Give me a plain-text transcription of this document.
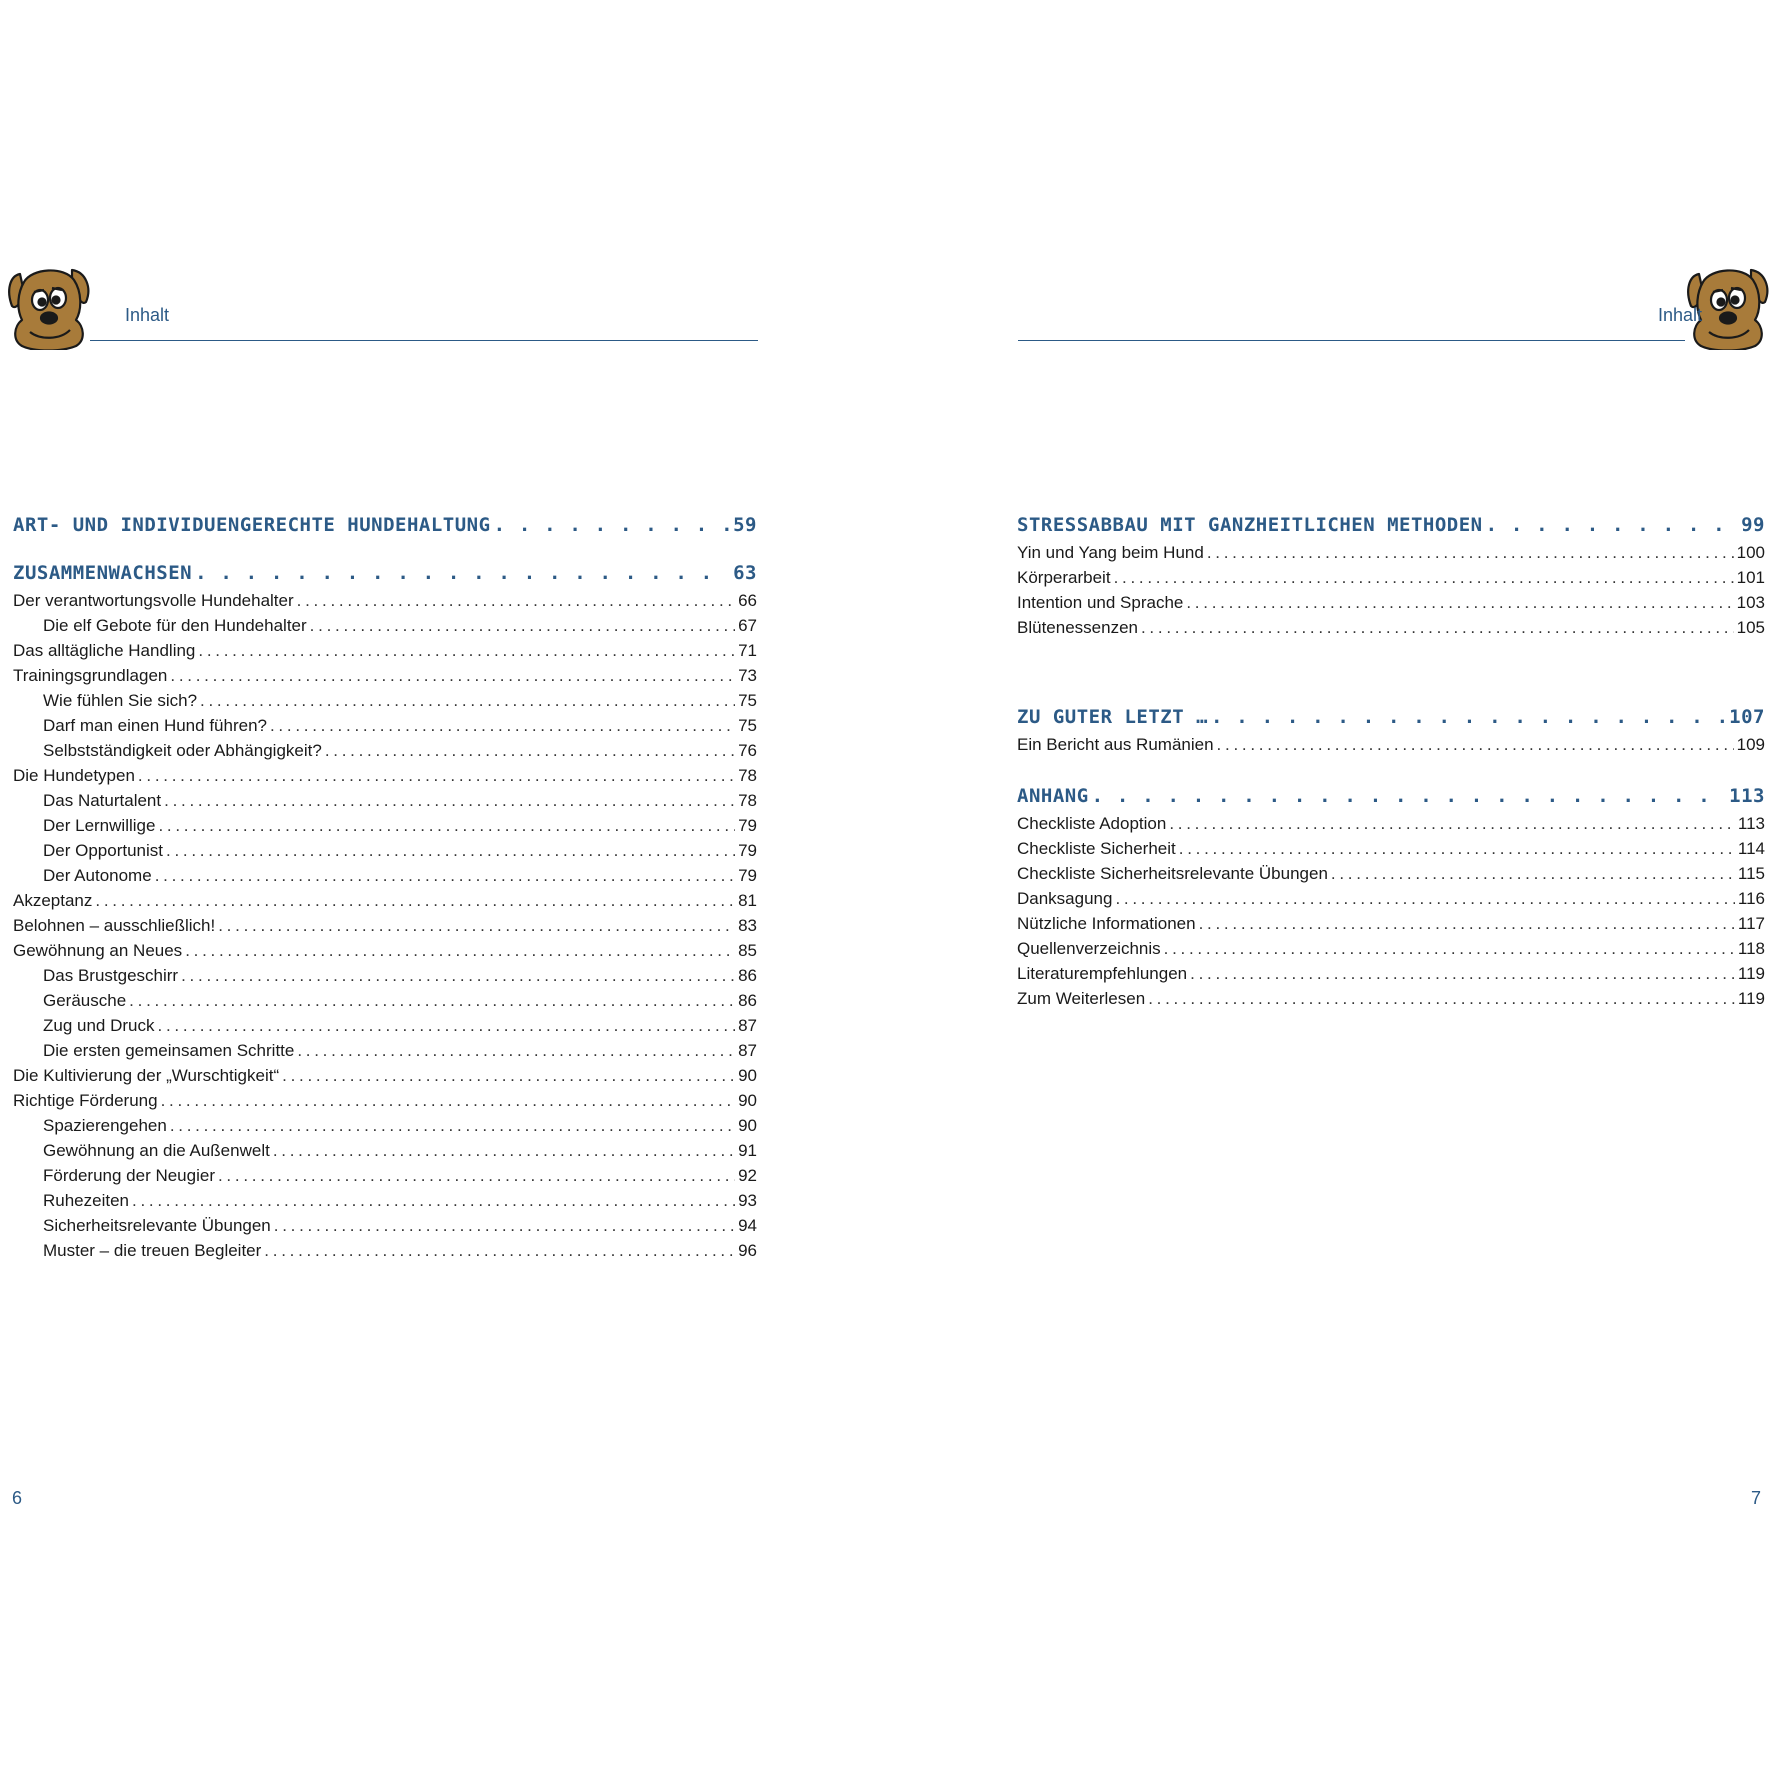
Inhalt
ART- UND INDIVIDUENGERECHTE HUNDEHALTUNG . . .	59
ZUSAMMENWACHSEN . . .	63
Der verantwortungsvolle Hundehalter . . .	66
Die elf Gebote für den Hundehalter . . .	67
Das alltägliche Handling . . .	71
Trainingsgrundlagen . . .	73
Wie fühlen Sie sich? . . .	75
Darf man einen Hund führen? . . .	75
Selbstständigkeit oder Abhängigkeit? . . .	76
Die Hundetypen . . .	78
Das Naturtalent . . .	78
Der Lernwillige . . .	79
Der Opportunist . . .	79
Der Autonome . . .	79
Akzeptanz . . .	81
Belohnen – ausschließlich! . . .	83
Gewöhnung an Neues . . .	85
Das Brustgeschirr . . .	86
Geräusche . . .	86
Zug und Druck . . .	87
Die ersten gemeinsamen Schritte . . .	87
Die Kultivierung der „Wurschtigkeit“ . . .	90
Richtige Förderung . . .	90
Spazierengehen . . .	90
Gewöhnung an die Außenwelt . . .	91
Förderung der Neugier . . .	92
Ruhezeiten . . .	93
Sicherheitsrelevante Übungen . . .	94
Muster – die treuen Begleiter . . .	96
6
Inhalt
STRESSABBAU MIT GANZHEITLICHEN METHODEN . . .	99
Yin und Yang beim Hund . . .	100
Körperarbeit . . .	101
Intention und Sprache . . .	103
Blütenessenzen . . .	105
ZU GUTER LETZT … . . .	107
Ein Bericht aus Rumänien . . .	109
ANHANG . . .	113
Checkliste Adoption . . .	113
Checkliste Sicherheit . . .	114
Checkliste Sicherheitsrelevante Übungen . . .	115
Danksagung . . .	116
Nützliche Informationen . . .	117
Quellenverzeichnis . . .	118
Literaturempfehlungen . . .	119
Zum Weiterlesen . . .	119
7
